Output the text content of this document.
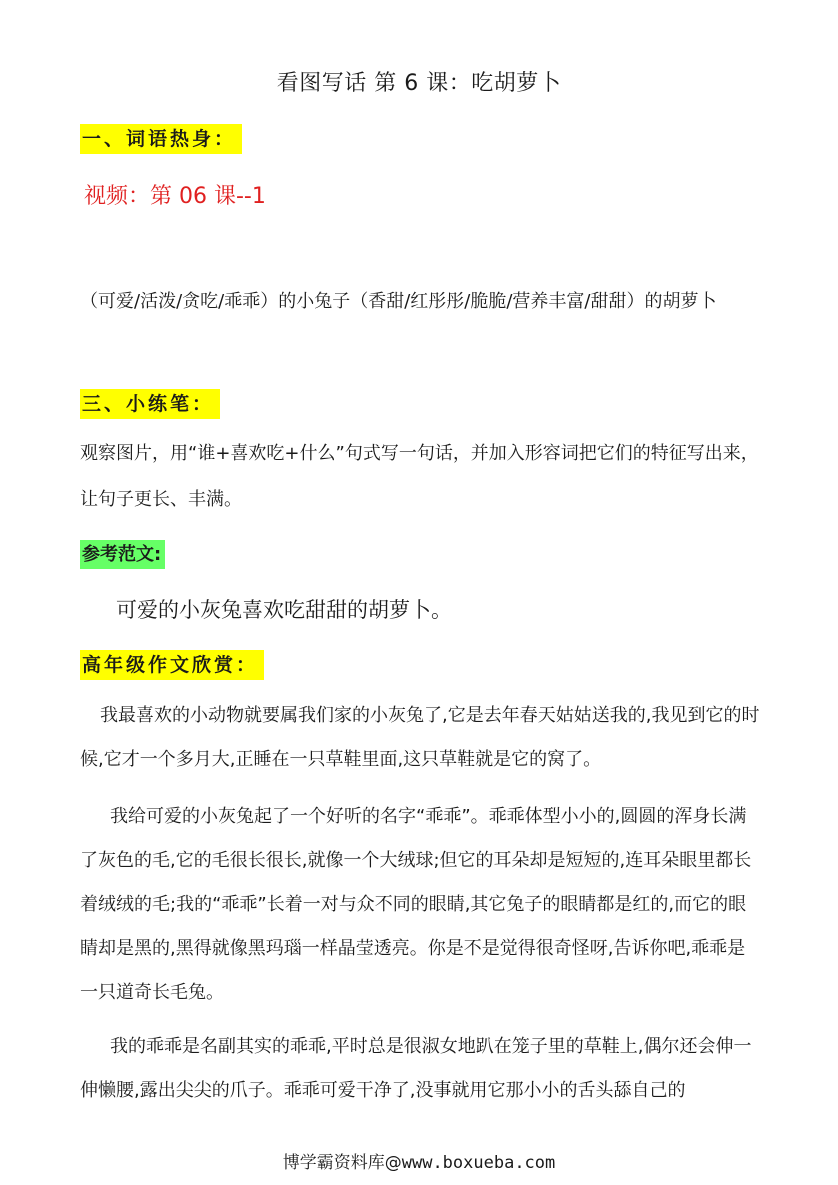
看图写话 第 6 课：吃胡萝卜
一、词语热身：
视频：第 06 课--1
（可爱/活泼/贪吃/乖乖）的小兔子（香甜/红彤彤/脆脆/营养丰富/甜甜）的胡萝卜
三、小练笔：
观察图片，用“谁+喜欢吃+什么”句式写一句话，并加入形容词把它们的特征写出来，让句子更长、丰满。
参考范文:
可爱的小灰兔喜欢吃甜甜的胡萝卜。
高年级作文欣赏：
我最喜欢的小动物就要属我们家的小灰兔了,它是去年春天姑姑送我的,我见到它的时候,它才一个多月大,正睡在一只草鞋里面,这只草鞋就是它的窝了。
我给可爱的小灰兔起了一个好听的名字“乖乖”。乖乖体型小小的,圆圆的浑身长满了灰色的毛,它的毛很长很长,就像一个大绒球;但它的耳朵却是短短的,连耳朵眼里都长着绒绒的毛;我的“乖乖”长着一对与众不同的眼睛,其它兔子的眼睛都是红的,而它的眼睛却是黑的,黑得就像黑玛瑙一样晶莹透亮。你是不是觉得很奇怪呀,告诉你吧,乖乖是一只道奇长毛兔。
我的乖乖是名副其实的乖乖,平时总是很淑女地趴在笼子里的草鞋上,偶尔还会伸一伸懒腰,露出尖尖的爪子。乖乖可爱干净了,没事就用它那小小的舌头舔自己的
博学霸资料库@www.boxueba.com
